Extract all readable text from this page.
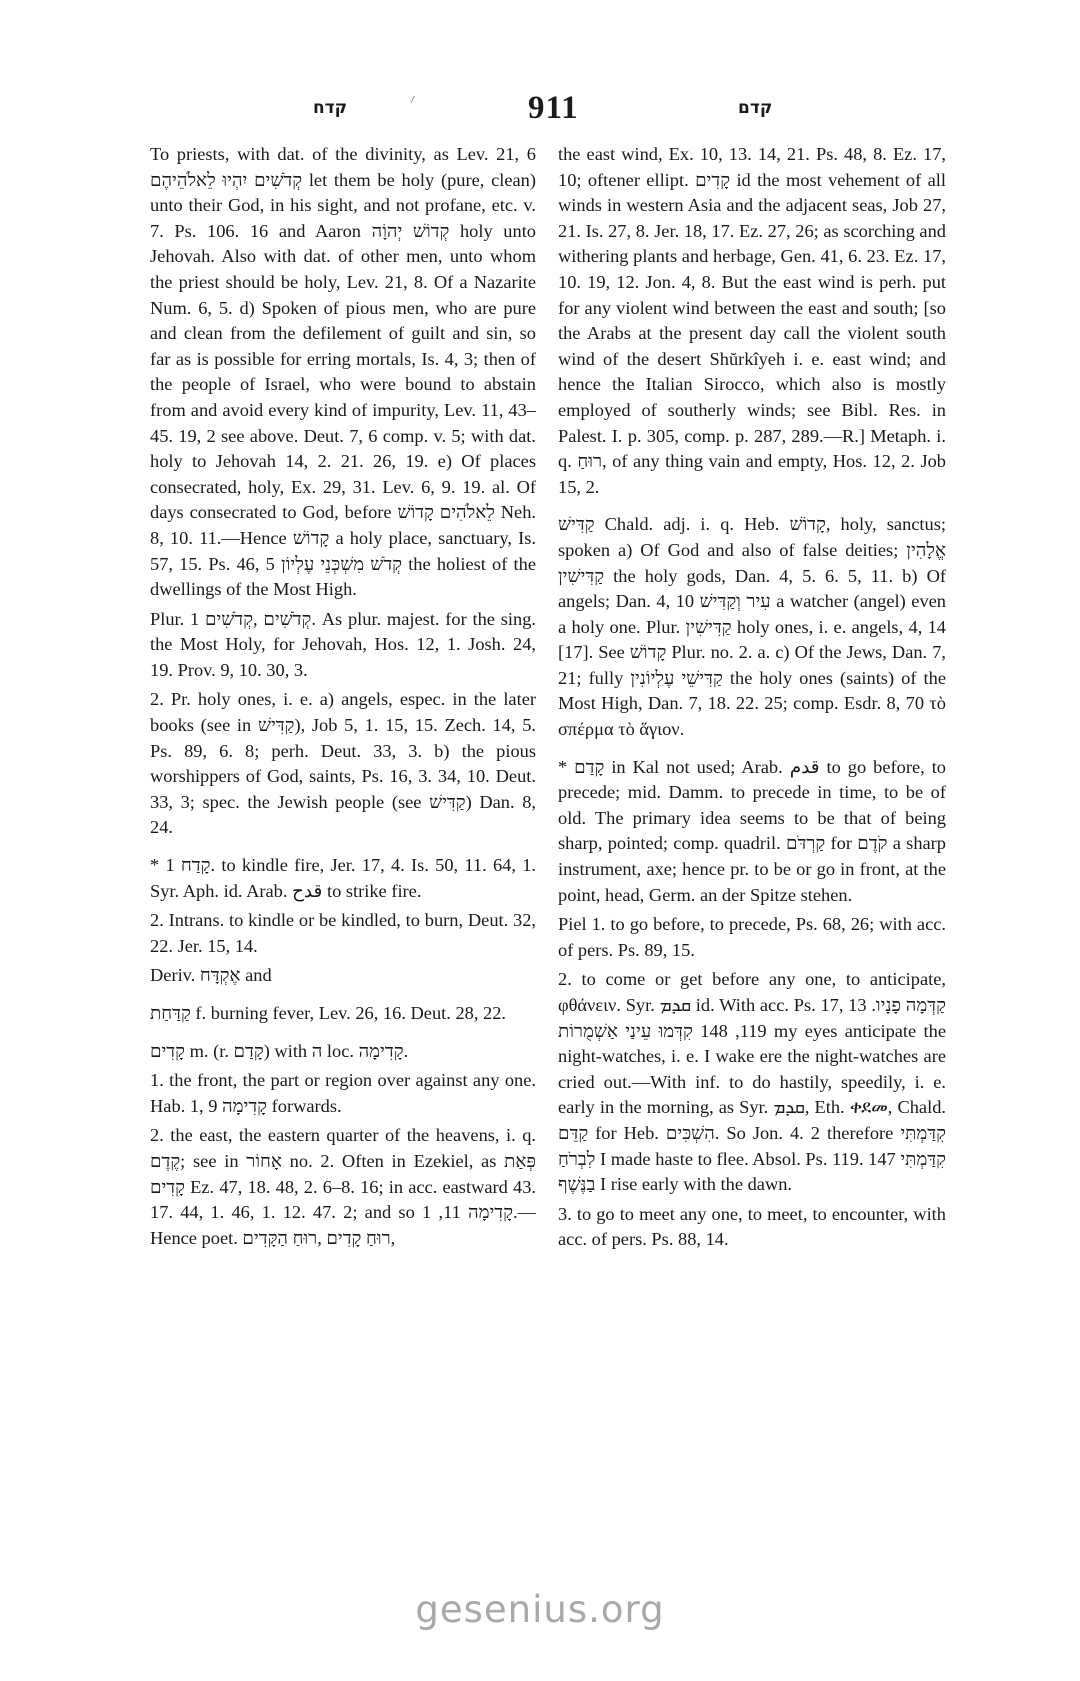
קדח	911	קדם

To priests, with dat. of the divinity, as Lev. 21, 6 קְדֹשִׁים יִהְיוּ לֵאלֹהֵיהֶם let them be holy (pure, clean) unto their God, in his sight, and not profane, etc. v. 7. Ps. 106. 16 and Aaron קְדוֹשׁ יְהוָֹה holy unto Jehovah. Also with dat. of other men, unto whom the priest should be holy, Lev. 21, 8. Of a Nazarite Num. 6, 5. d) Spoken of pious men, who are pure and clean from the defilement of guilt and sin, so far as is possible for erring mortals, Is. 4, 3; then of the people of Israel, who were bound to abstain from and avoid every kind of impurity, Lev. 11, 43–45. 19, 2 see above. Deut. 7, 6 comp. v. 5; with dat. holy to Jehovah 14, 2. 21. 26, 19. e) Of places consecrated, holy, Ex. 29, 31. Lev. 6, 9. 19. al. Of days consecrated to God, before לֵאלֹהִים קָדוֹשׁ Neh. 8, 10. 11.—Hence קָדוֹשׁ a holy place, sanctuary, Is. 57, 15. Ps. 46, 5 קְדֹשׁ מִשְׁכְּנֵי עֶלְיוֹן the holiest of the dwellings of the Most High.

Plur. קְדֹשִׁים ,קְדֹשִׁים 1. As plur. majest. for the sing. the Most Holy, for Jehovah, Hos. 12, 1. Josh. 24, 19. Prov. 9, 10. 30, 3.

2. Pr. holy ones, i. e. a) angels, espec. in the later books (see in קַדִּישׁ), Job 5, 1. 15, 15. Zech. 14, 5. Ps. 89, 6. 8; perh. Deut. 33, 3. b) the pious worshippers of God, saints, Ps. 16, 3. 34, 10. Deut. 33, 3; spec. the Jewish people (see קַדִּישׁ) Dan. 8, 24.

* קָדַח 1. to kindle fire, Jer. 17, 4. Is. 50, 11. 64, 1. Syr. Aph. id. Arab. قدح to strike fire.

2. Intrans. to kindle or be kindled, to burn, Deut. 32, 22. Jer. 15, 14.

Deriv. אֶקְדָּח and

קַדַּחַת f. burning fever, Lev. 26, 16. Deut. 28, 22.

קָדִים m. (r. קָדַם) with ה loc. קָדִימָה.

1. the front, the part or region over against any one. Hab. 1, 9 קָדִימָה forwards.

2. the east, the eastern quarter of the heavens, i. q. קֶדֶם; see in אָחוֹר no. 2. Often in Ezekiel, as פְּאַת קָדִים Ez. 47, 18. 48, 2. 6–8. 16; in acc. eastward 43. 17. 44, 1. 46, 1. 12. 47. 2; and so קָדִימָה 11, 1.—Hence poet. רוּחַ קָדִים ,רוּחַ הַקָּדִים,

the east wind, Ex. 10, 13. 14, 21. Ps. 48, 8. Ez. 17, 10; oftener ellipt. קָדִים id the most vehement of all winds in western Asia and the adjacent seas, Job 27, 21. Is. 27, 8. Jer. 18, 17. Ez. 27, 26; as scorching and withering plants and herbage, Gen. 41, 6. 23. Ez. 17, 10. 19, 12. Jon. 4, 8. But the east wind is perh. put for any violent wind between the east and south; [so the Arabs at the present day call the violent south wind of the desert Shŭrkîyeh i. e. east wind; and hence the Italian Sirocco, which also is mostly employed of southerly winds; see Bibl. Res. in Palest. I. p. 305, comp. p. 287, 289.—R.] Metaph. i. q. רוּחַ, of any thing vain and empty, Hos. 12, 2. Job 15, 2.

קַדִּישׁ Chald. adj. i. q. Heb. קָדוֹשׁ, holy, sanctus; spoken a) Of God and also of false deities; אֱלָהִין קַדִּישִׁין the holy gods, Dan. 4, 5. 6. 5, 11. b) Of angels; Dan. 4, 10 עִיר וְקַדִּישׁ a watcher (angel) even a holy one. Plur. קַדִּישִׁין holy ones, i. e. angels, 4, 14 [17]. See קָדוֹשׁ Plur. no. 2. a. c) Of the Jews, Dan. 7, 21; fully קַדִּישֵׁי עֶלְיוֹנִין the holy ones (saints) of the Most High, Dan. 7, 18. 22. 25; comp. Esdr. 8, 70 τὸ σπέρμα τὸ ἅγιον.

* קָדַם in Kal not used; Arab. قدم to go before, to precede; mid. Damm. to precede in time, to be of old. The primary idea seems to be that of being sharp, pointed; comp. quadril. קַרְדֹּם for קֹדֶם a sharp instrument, axe; hence pr. to be or go in front, at the point, head, Germ. an der Spitze stehen.

Piel 1. to go before, to precede, Ps. 68, 26; with acc. of pers. Ps. 89, 15.

2. to come or get before any one, to anticipate, φθάνειν. Syr. ܩܕܡ id. With acc. Ps. 17, 13 קַדְּמָה פָנָיו. 119, 148 קִדְּמוּ עֵינַי אַשְׁמֻרוֹת my eyes anticipate the night-watches, i. e. I wake ere the night-watches are cried out.—With inf. to do hastily, speedily, i. e. early in the morning, as Syr. ܩܕܡ, Eth. ቀደመ, Chald. קַדֵּם for Heb. הִשְׁכִּים. So Jon. 4. 2 therefore קִדַּמְתִּי לִבְרֹחַ I made haste to flee. Absol. Ps. 119. 147 קִדַּמְתִּי בַנֶּשֶׁף I rise early with the dawn.

3. to go to meet any one, to meet, to encounter, with acc. of pers. Ps. 88, 14.

gesenius.org
